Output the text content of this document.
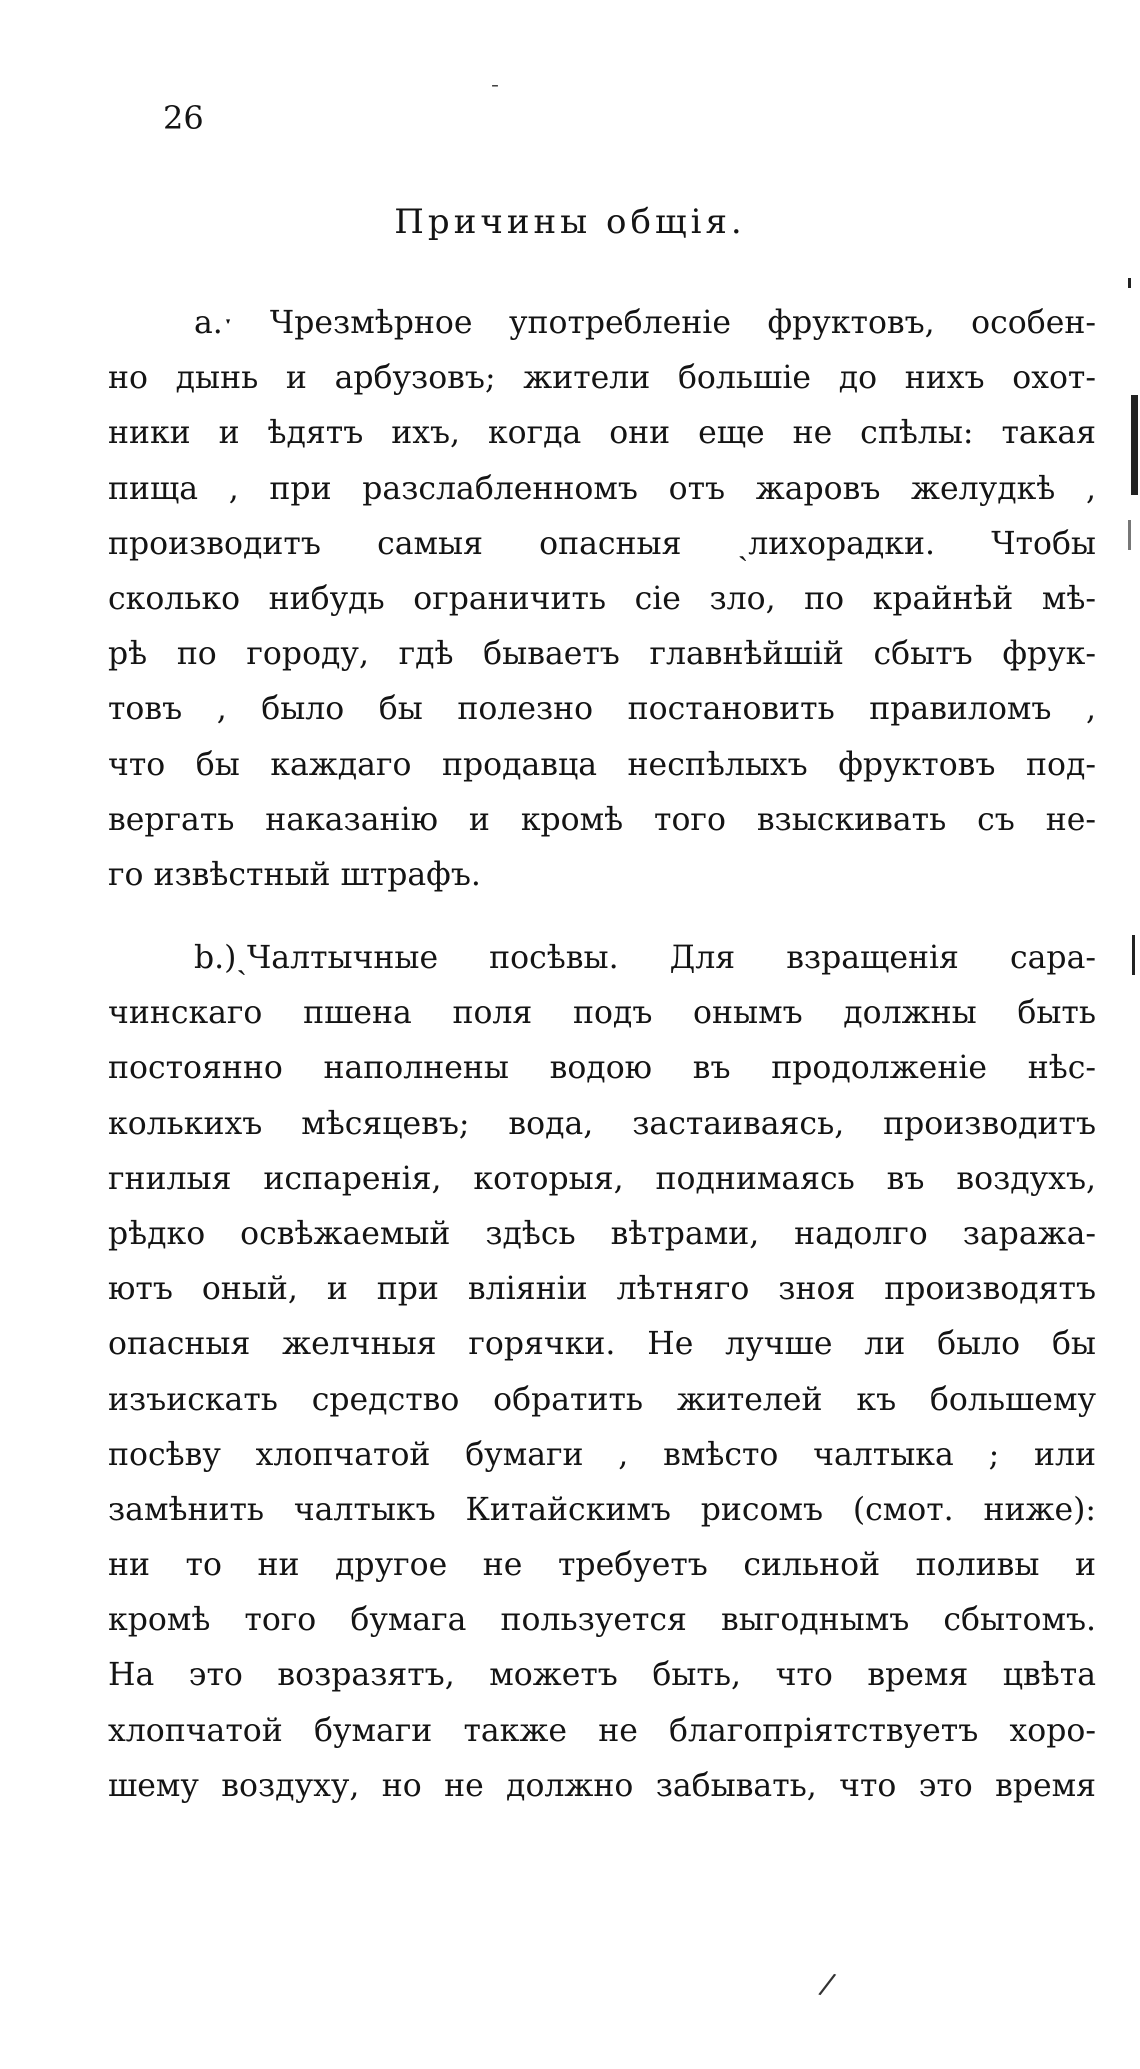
ˉ
26
Причины общія.
a.ˑ Чрезмѣрное употребленіе фруктовъ, особен-
но дынь и арбузовъ; жители большіе до нихъ охот-
ники и ѣдятъ ихъ, когда они еще не спѣлы: такая
пища , при разслабленномъ отъ жаровъ желудкѣ ,
производитъ самыя опасныя ˎлихорадки. Чтобы
сколько нибудь ограничить сіе зло, по крайнѣй мѣ-
рѣ по городу, гдѣ бываетъ главнѣйшій сбытъ фрук-
товъ , было бы полезно постановить правиломъ ,
что бы каждаго продавца неспѣлыхъ фруктовъ под-
вергать наказанію и кромѣ того взыскивать съ не-
го извѣстный штрафъ.
b.)ˏЧалтычные посѣвы. Для взращенія сара-
чинскаго пшена поля подъ онымъ должны быть
постоянно наполнены водою въ продолженіе нѣс-
колькихъ мѣсяцевъ; вода, застаиваясь, производитъ
гнилыя испаренія, которыя, поднимаясь въ воздухъ,
рѣдко освѣжаемый здѣсь вѣтрами, надолго заража-
ютъ оный, и при вліяніи лѣтняго зноя производятъ
опасныя желчныя горячки. Не лучше ли было бы
изъискать средство обратить жителей къ большему
посѣву хлопчатой бумаги , вмѣсто чалтыка ; или
замѣнить чалтыкъ Китайскимъ рисомъ (смот. ниже):
ни то ни другое не требуетъ сильной поливы и
кромѣ того бумага пользуется выгоднымъ сбытомъ.
На это возразятъ, можетъ быть, что время цвѣта
хлопчатой бумаги также не благопріятствуетъ хоро-
шему воздуху, но не должно забывать, что это время
/
